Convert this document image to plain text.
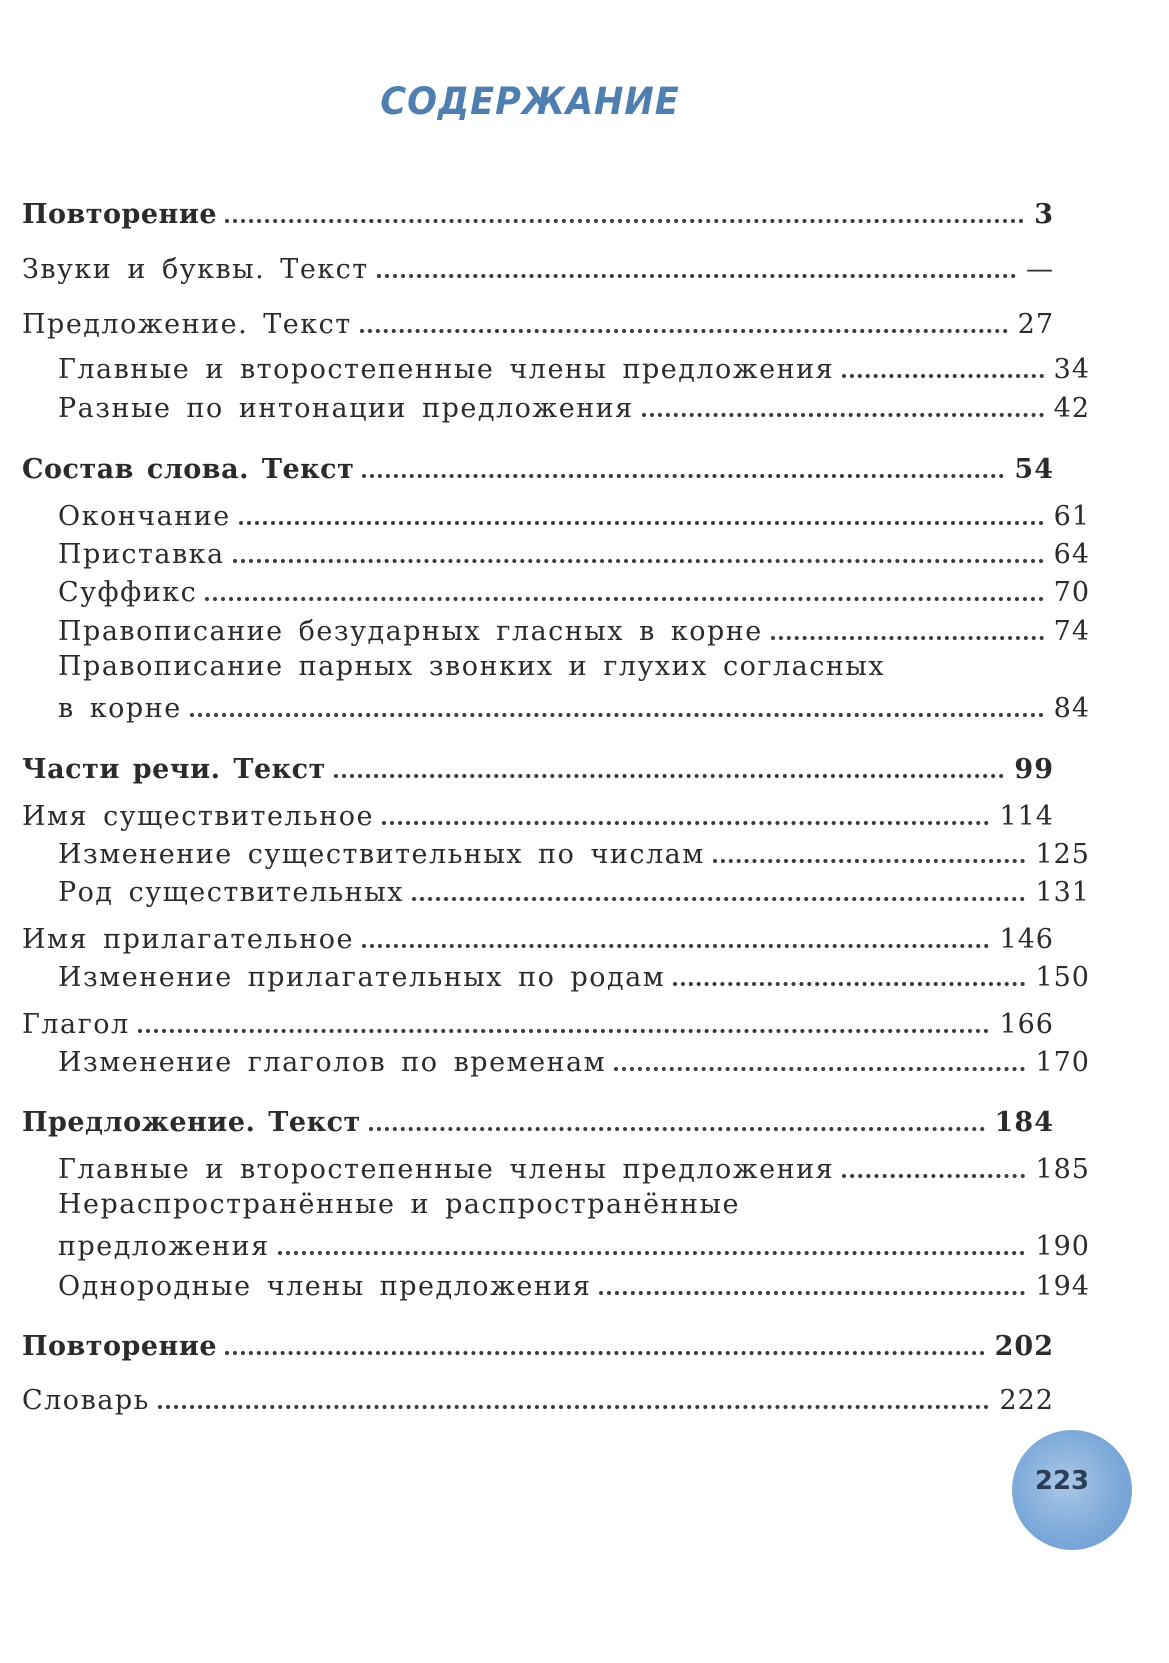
СОДЕРЖАНИЕ
Повторение	3
Звуки и буквы. Текст	—
Предложение. Текст	27
Главные и второстепенные члены предложения	34
Разные по интонации предложения	42
Состав слова. Текст	54
Окончание	61
Приставка	64
Суффикс	70
Правописание безударных гласных в корне	74
Правописание парных звонких и глухих согласных
в корне	84
Части речи. Текст	99
Имя существительное	114
Изменение существительных по числам	125
Род существительных	131
Имя прилагательное	146
Изменение прилагательных по родам	150
Глагол	166
Изменение глаголов по временам	170
Предложение. Текст	184
Главные и второстепенные члены предложения	185
Нераспространённые и распространённые
предложения	190
Однородные члены предложения	194
Повторение	202
Словарь	222
223
